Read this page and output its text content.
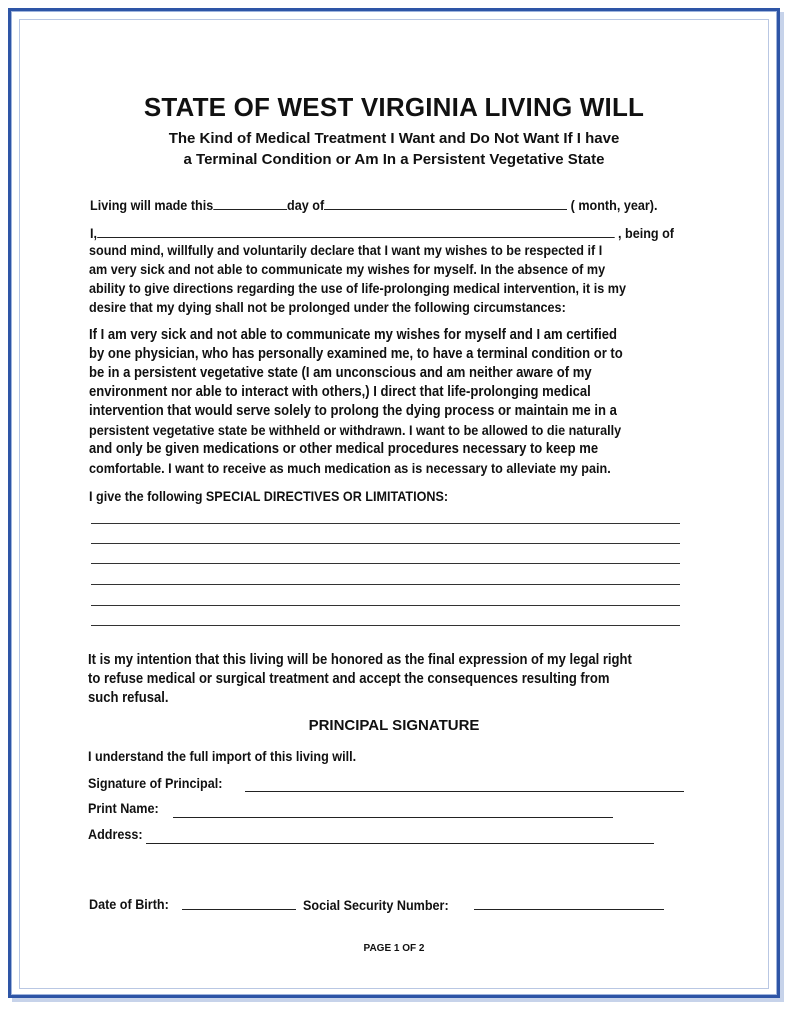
STATE OF WEST VIRGINIA LIVING WILL
The Kind of Medical Treatment I Want and Do Not Want If I have
a Terminal Condition or Am In a Persistent Vegetative State
Living will made this	day of	( month, year).
I,	, being of
sound mind, willfully and voluntarily declare that I want my wishes to be respected if I
am very sick and not able to communicate my wishes for myself. In the absence of my
ability to give directions regarding the use of life-prolonging medical intervention, it is my
desire that my dying shall not be prolonged under the following circumstances:
If I am very sick and not able to communicate my wishes for myself and I am certified
by one physician, who has personally examined me, to have a terminal condition or to
be in a persistent vegetative state (I am unconscious and am neither aware of my
environment nor able to interact with others,) I direct that life-prolonging medical
intervention that would serve solely to prolong the dying process or maintain me in a
persistent vegetative state be withheld or withdrawn. I want to be allowed to die naturally
and only be given medications or other medical procedures necessary to keep me
comfortable. I want to receive as much medication as is necessary to alleviate my pain.
I give the following SPECIAL DIRECTIVES OR LIMITATIONS:
It is my intention that this living will be honored as the final expression of my legal right
to refuse medical or surgical treatment and accept the consequences resulting from
such refusal.
PRINCIPAL SIGNATURE
I understand the full import of this living will.
Signature of Principal:
Print Name:
Address:
Date of Birth:	Social Security Number:
PAGE 1 OF 2
